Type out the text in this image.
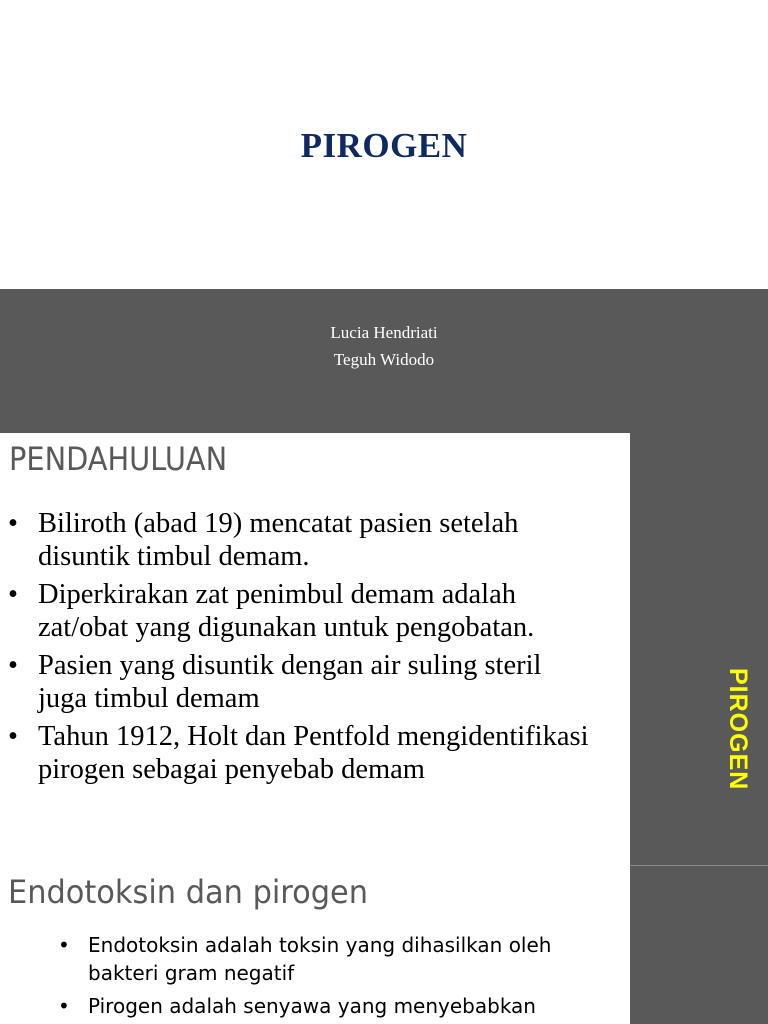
PIROGEN
Lucia Hendriati
Teguh Widodo
PIROGEN
PENDAHULUAN
• Biliroth (abad 19) mencatat pasien setelah
disuntik timbul demam.
• Diperkirakan zat penimbul demam adalah
zat/obat yang digunakan untuk pengobatan.
• Pasien yang disuntik dengan air suling steril
juga timbul demam
• Tahun 1912, Holt dan Pentfold mengidentifikasi
pirogen sebagai penyebab demam
Endotoksin dan pirogen
• Endotoksin adalah toksin yang dihasilkan oleh
bakteri gram negatif
• Pirogen adalah senyawa yang menyebabkan
